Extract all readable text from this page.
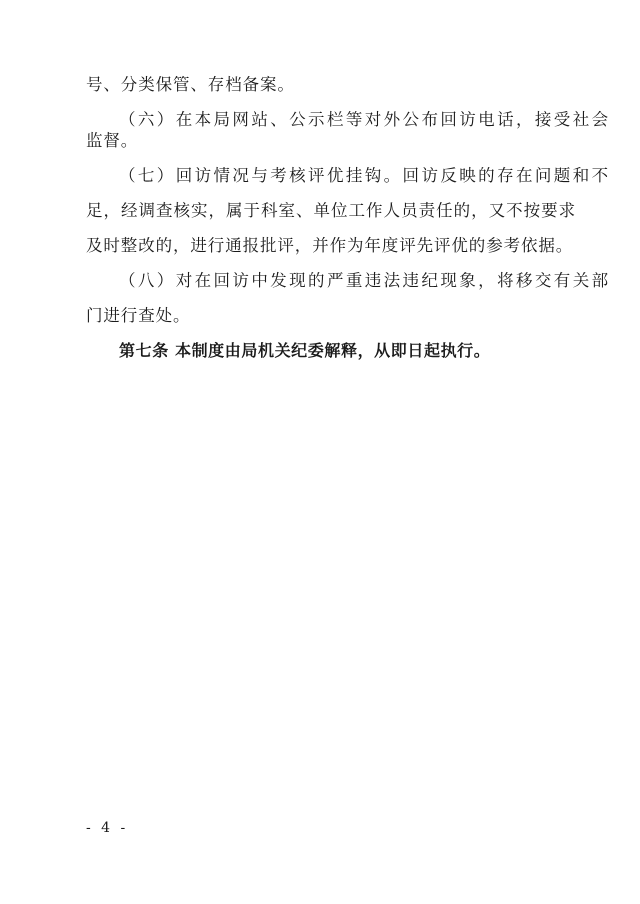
号、分类保管、存档备案。
（六）在本局网站、公示栏等对外公布回访电话，接受社会
监督。
（七）回访情况与考核评优挂钩。回访反映的存在问题和不
足，经调查核实，属于科室、单位工作人员责任的，又不按要求
及时整改的，进行通报批评，并作为年度评先评优的参考依据。
（八）对在回访中发现的严重违法违纪现象，将移交有关部
门进行查处。
第七条 本制度由局机关纪委解释，从即日起执行。
- 4 -
